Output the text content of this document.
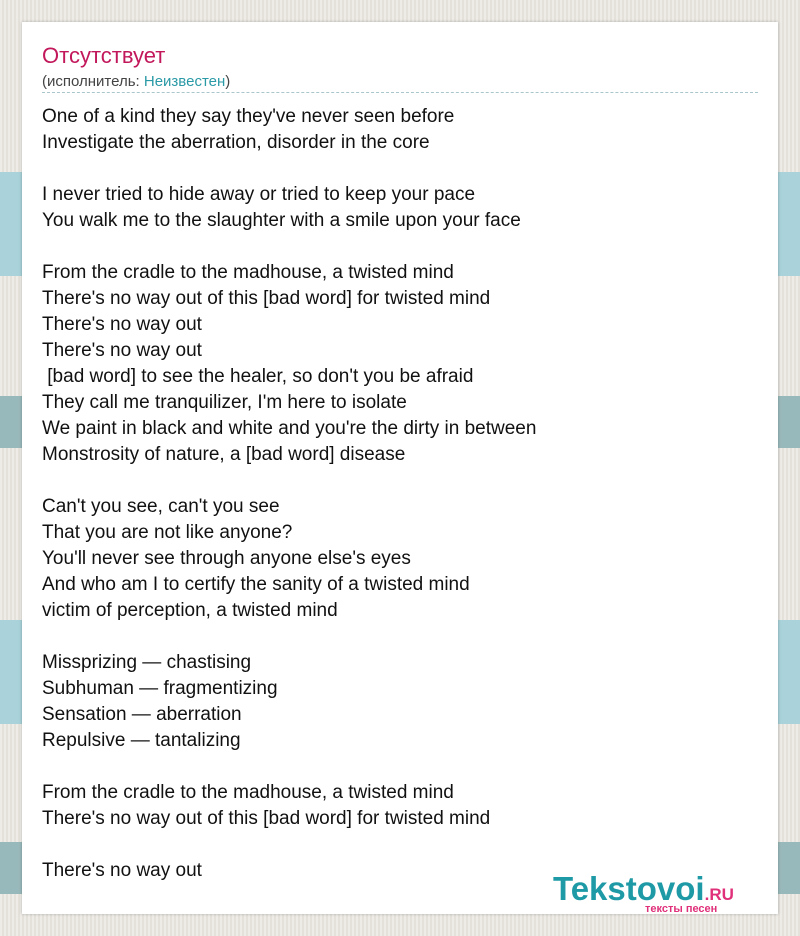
Отсутствует
(исполнитель: Неизвестен)
One of a kind they say they've never seen before
Investigate the aberration, disorder in the core

I never tried to hide away or tried to keep your pace
You walk me to the slaughter with a smile upon your face

From the cradle to the madhouse, a twisted mind
There's no way out of this [bad word] for twisted mind
There's no way out
There's no way out
[bad word] to see the healer, so don't you be afraid
They call me tranquilizer, I'm here to isolate
We paint in black and white and you're the dirty in between
Monstrosity of nature, a [bad word] disease

Can't you see, can't you see
That you are not like anyone?
You'll never see through anyone else's eyes
And who am I to certify the sanity of a twisted mind
victim of perception, a twisted mind

Missprizing — chastising
Subhuman — fragmentizing
Sensation — aberration
Repulsive — tantalizing

From the cradle to the madhouse, a twisted mind
There's no way out of this [bad word] for twisted mind

There's no way out	Tekstovoi.RU
тексты песен
